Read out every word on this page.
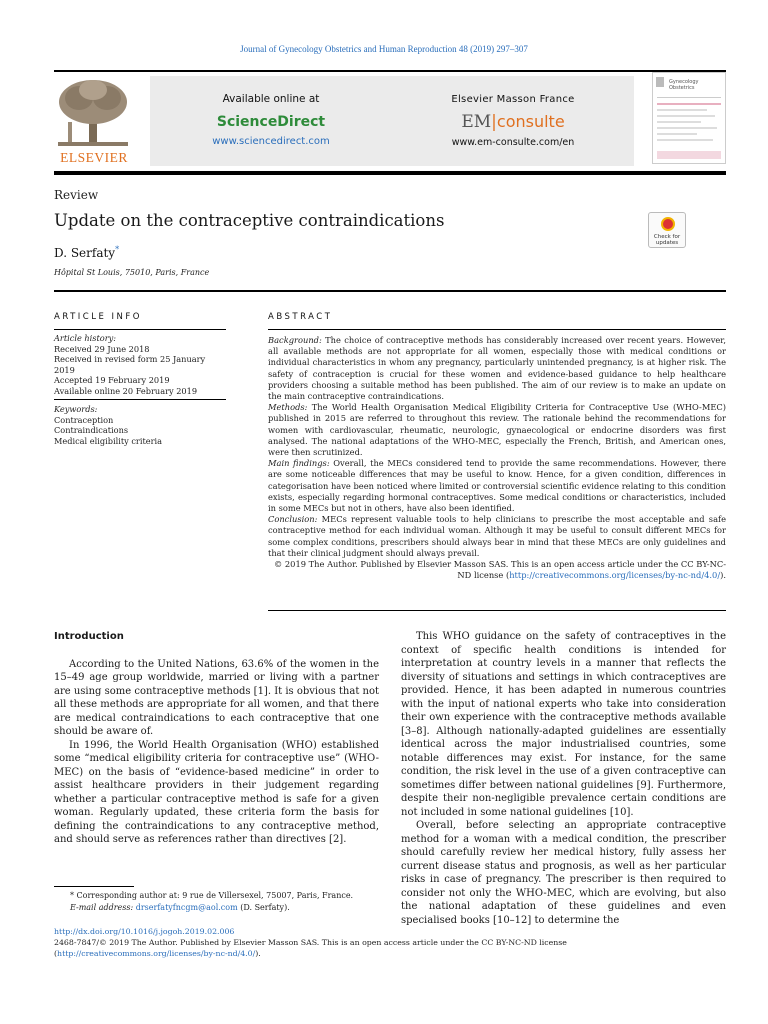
Journal of Gynecology Obstetrics and Human Reproduction 48 (2019) 297–307
ELSEVIER
Available online at
ScienceDirect
www.sciencedirect.com
Elsevier Masson France
EM|consulte
www.em-consulte.com/en
Gynecology Obstetrics
Review
Update on the contraceptive contraindications
Check for updates
D. Serfaty*
Hôpital St Louis, 75010, Paris, France
ARTICLE INFO	ABSTRACT
Article history:
Received 29 June 2018
Received in revised form 25 January 2019
Accepted 19 February 2019
Available online 20 February 2019
Keywords:
Contraception
Contraindications
Medical eligibility criteria

Background: The choice of contraceptive methods has considerably increased over recent years. However, all available methods are not appropriate for all women, especially those with medical conditions or individual characteristics in whom any pregnancy, particularly unintended pregnancy, is at higher risk. The safety of contraception is crucial for these women and evidence-based guidance to help healthcare providers choosing a suitable method has been published. The aim of our review is to make an update on the main contraceptive contraindications.

Methods: The World Health Organisation Medical Eligibility Criteria for Contraceptive Use (WHO-MEC) published in 2015 are referred to throughout this review. The rationale behind the recommendations for women with cardiovascular, rheumatic, neurologic, gynaecological or endocrine disorders was first analysed. The national adaptations of the WHO-MEC, especially the French, British, and American ones, were then scrutinized.

Main findings: Overall, the MECs considered tend to provide the same recommendations. However, there are some noticeable differences that may be useful to know. Hence, for a given condition, differences in categorisation have been noticed where limited or controversial scientific evidence relating to this condition exists, especially regarding hormonal contraceptives. Some medical conditions or characteristics, included in some MECs but not in others, have also been identified.

Conclusion: MECs represent valuable tools to help clinicians to prescribe the most acceptable and safe contraceptive method for each individual woman. Although it may be useful to consult different MECs for some complex conditions, prescribers should always bear in mind that these MECs are only guidelines and that their clinical judgment should always prevail.

© 2019 The Author. Published by Elsevier Masson SAS. This is an open access article under the CC BY-NC-ND license (http://creativecommons.org/licenses/by-nc-nd/4.0/).

Introduction

According to the United Nations, 63.6% of the women in the 15–49 age group worldwide, married or living with a partner are using some contraceptive methods [1]. It is obvious that not all these methods are appropriate for all women, and that there are medical contraindications to each contraceptive that one should be aware of.

In 1996, the World Health Organisation (WHO) established some “medical eligibility criteria for contraceptive use” (WHO-MEC) on the basis of “evidence-based medicine” in order to assist healthcare providers in their judgement regarding whether a particular contraceptive method is safe for a given woman. Regularly updated, these criteria form the basis for defining the contraindications to any contraceptive method, and should serve as references rather than directives [2].

This WHO guidance on the safety of contraceptives in the context of specific health conditions is intended for interpretation at country levels in a manner that reflects the diversity of situations and settings in which contraceptives are provided. Hence, it has been adapted in numerous countries with the input of national experts who take into consideration their own experience with the contraceptive methods available [3–8]. Although nationally-adapted guidelines are essentially identical across the major industrialised countries, some notable differences may exist. For instance, for the same condition, the risk level in the use of a given contraceptive can sometimes differ between national guidelines [9]. Furthermore, despite their non-negligible prevalence certain conditions are not included in some national guidelines [10].

Overall, before selecting an appropriate contraceptive method for a woman with a medical condition, the prescriber should carefully review her medical history, fully assess her current disease status and prognosis, as well as her particular risks in case of pregnancy. The prescriber is then required to consider not only the WHO-MEC, which are evolving, but also the national adaptation of these guidelines and even specialised books [10–12] to determine the

* Corresponding author at: 9 rue de Villersexel, 75007, Paris, France.
E-mail address: drserfatyfncgm@aol.com (D. Serfaty).
http://dx.doi.org/10.1016/j.jogoh.2019.02.006
2468-7847/© 2019 The Author. Published by Elsevier Masson SAS. This is an open access article under the CC BY-NC-ND license (http://creativecommons.org/licenses/by-nc-nd/4.0/).
